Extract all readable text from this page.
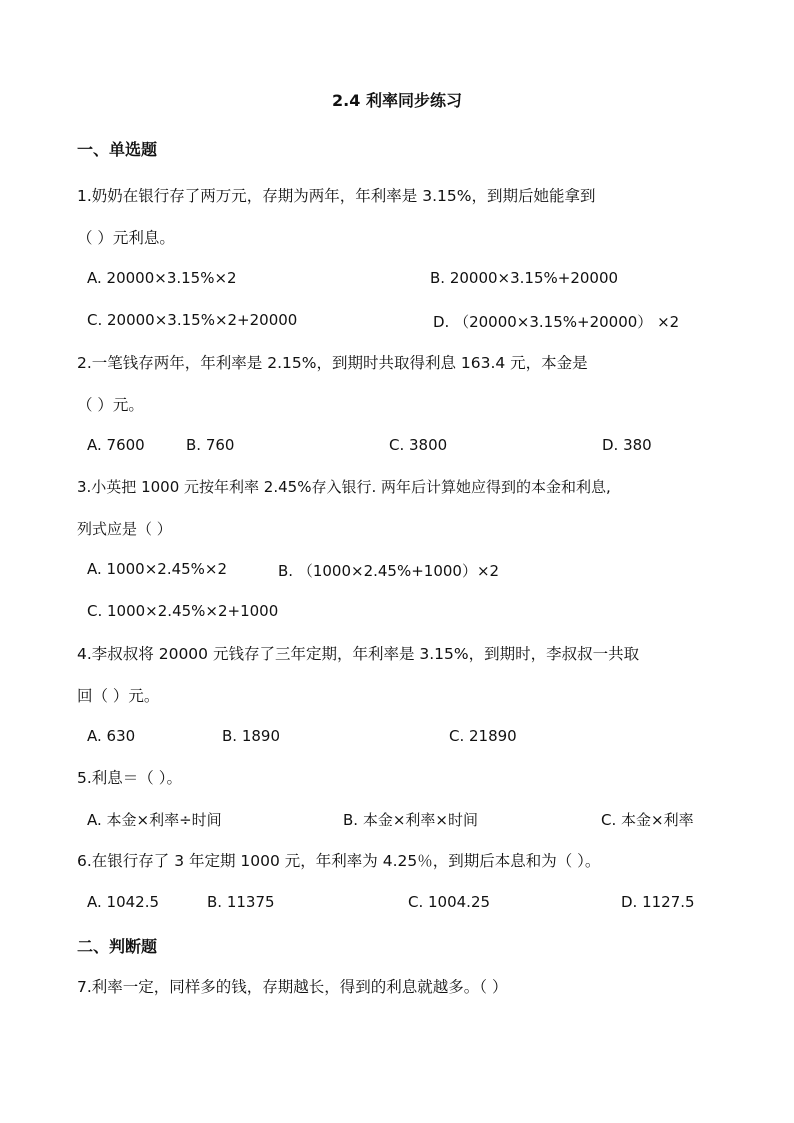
2.4 利率同步练习
一、单选题
1.奶奶在银行存了两万元，存期为两年，年利率是 3.15%，到期后她能拿到
（ ）元利息。
A. 20000×3.15%×2	B. 20000×3.15%+20000
C. 20000×3.15%×2+20000	D. （20000×3.15%+20000） ×2
2.一笔钱存两年，年利率是 2.15%，到期时共取得利息 163.4 元，本金是
（ ）元。
A. 7600	B. 760	C. 3800	D. 380
3.小英把 1000 元按年利率 2.45%存入银行. 两年后计算她应得到的本金和利息,
列式应是（ ）
A. 1000×2.45%×2	B. （1000×2.45%+1000）×2
C. 1000×2.45%×2+1000
4.李叔叔将 20000 元钱存了三年定期，年利率是 3.15%，到期时，李叔叔一共取
回（ ）元。
A. 630	B. 1890	C. 21890
5.利息＝（ ）。
A. 本金×利率÷时间	B. 本金×利率×时间	C. 本金×利率
6.在银行存了 3 年定期 1000 元，年利率为 4.25％，到期后本息和为（ ）。
A. 1042.5	B. 11375	C. 1004.25	D. 1127.5
二、判断题
7.利率一定，同样多的钱，存期越长，得到的利息就越多。（ ）
